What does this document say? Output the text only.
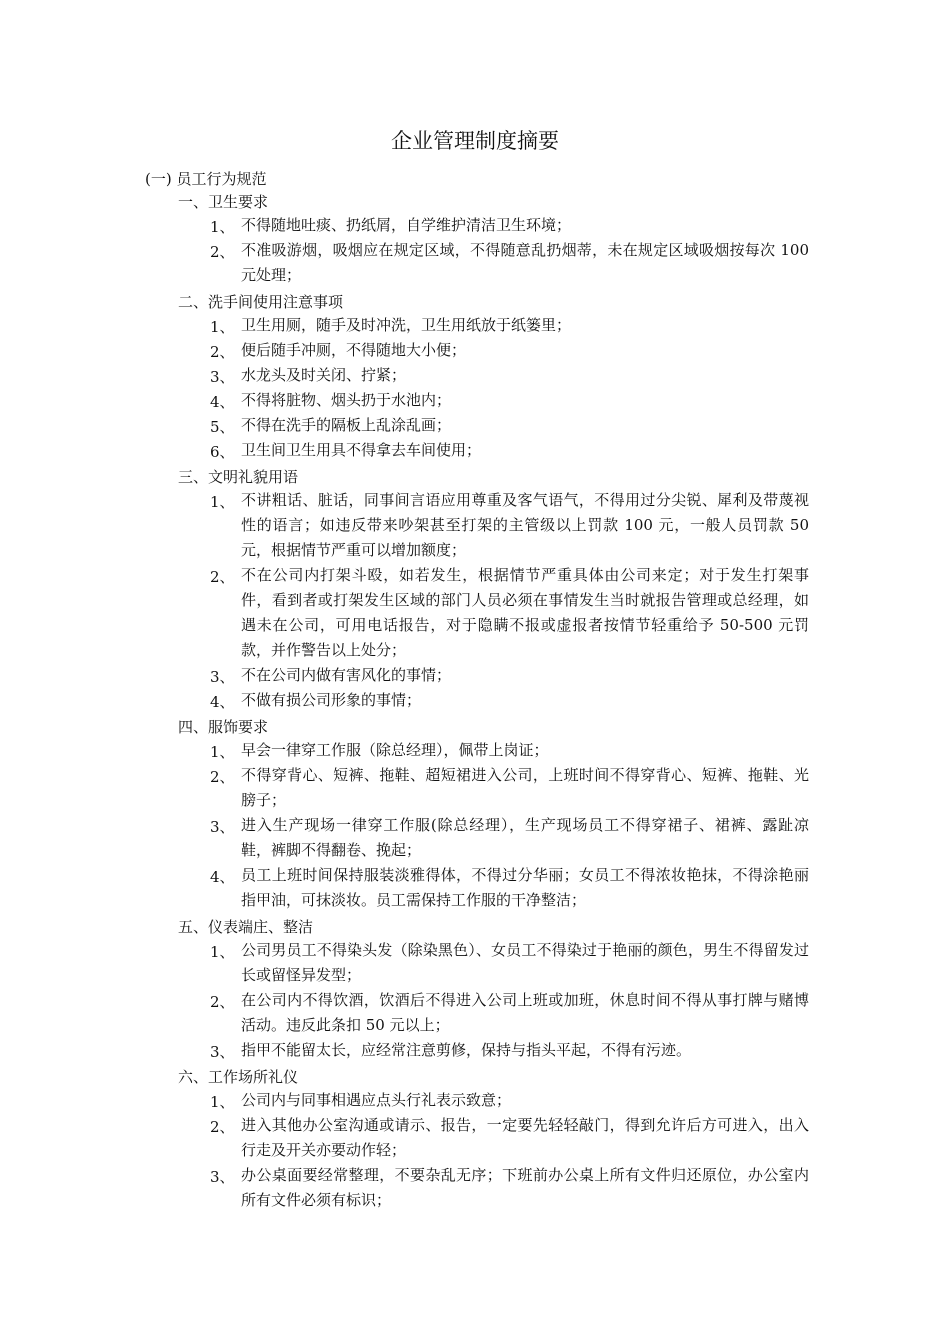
企业管理制度摘要
(一) 员工行为规范
一、卫生要求
1、 不得随地吐痰、扔纸屑，自学维护清洁卫生环境；
2、 不准吸游烟，吸烟应在规定区域，不得随意乱扔烟蒂，未在规定区域吸烟按每次 100 元处理；
二、洗手间使用注意事项
1、 卫生用厕，随手及时冲洗，卫生用纸放于纸篓里；
2、 便后随手冲厕，不得随地大小便；
3、 水龙头及时关闭、拧紧；
4、 不得将脏物、烟头扔于水池内；
5、 不得在洗手的隔板上乱涂乱画；
6、 卫生间卫生用具不得拿去车间使用；
三、文明礼貌用语
1、 不讲粗话、脏话，同事间言语应用尊重及客气语气，不得用过分尖锐、犀利及带蔑视性的语言；如违反带来吵架甚至打架的主管级以上罚款 100 元，一般人员罚款 50 元，根据情节严重可以增加额度；
2、 不在公司内打架斗殴，如若发生，根据情节严重具体由公司来定；对于发生打架事件，看到者或打架发生区域的部门人员必须在事情发生当时就报告管理或总经理，如遇未在公司，可用电话报告，对于隐瞒不报或虚报者按情节轻重给予 50-500 元罚款，并作警告以上处分；
3、 不在公司内做有害风化的事情；
4、 不做有损公司形象的事情；
四、服饰要求
1、 早会一律穿工作服（除总经理），佩带上岗证；
2、 不得穿背心、短裤、拖鞋、超短裙进入公司，上班时间不得穿背心、短裤、拖鞋、光膀子；
3、 进入生产现场一律穿工作服(除总经理），生产现场员工不得穿裙子、裙裤、露趾凉鞋，裤脚不得翻卷、挽起；
4、 员工上班时间保持服装淡雅得体，不得过分华丽；女员工不得浓妆艳抹，不得涂艳丽指甲油，可抹淡妆。员工需保持工作服的干净整洁；
五、仪表端庄、整洁
1、 公司男员工不得染头发（除染黑色）、女员工不得染过于艳丽的颜色，男生不得留发过长或留怪异发型；
2、 在公司内不得饮酒，饮酒后不得进入公司上班或加班，休息时间不得从事打牌与赌博活动。违反此条扣 50 元以上；
3、 指甲不能留太长，应经常注意剪修，保持与指头平起，不得有污迹。
六、工作场所礼仪
1、 公司内与同事相遇应点头行礼表示致意；
2、 进入其他办公室沟通或请示、报告，一定要先轻轻敲门，得到允许后方可进入，出入行走及开关亦要动作轻；
3、 办公桌面要经常整理，不要杂乱无序；下班前办公桌上所有文件归还原位，办公室内所有文件必须有标识；
